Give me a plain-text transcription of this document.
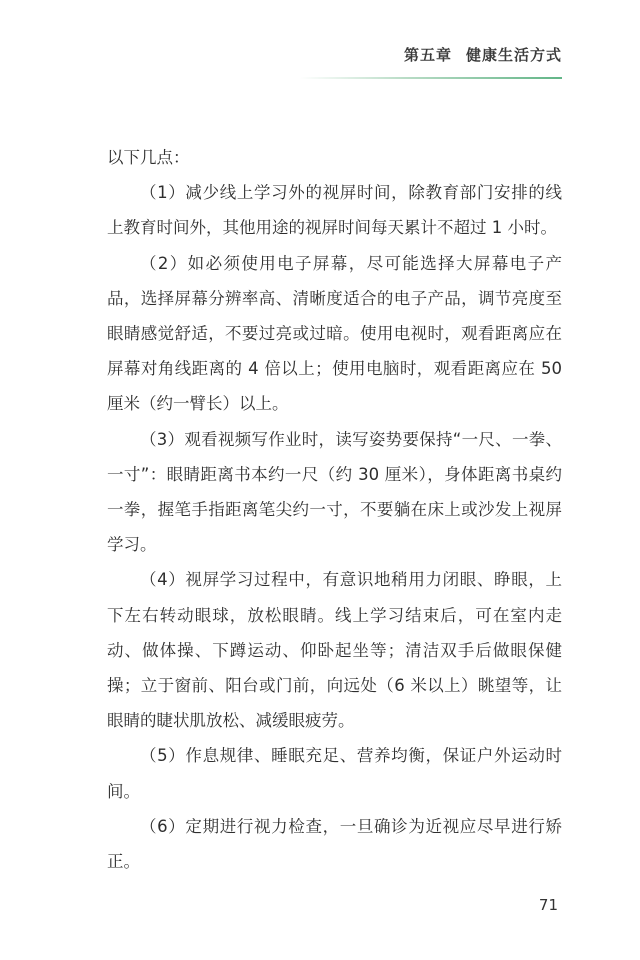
第五章 健康生活方式

以下几点：

（1）减少线上学习外的视屏时间，除教育部门安排的线上教育时间外，其他用途的视屏时间每天累计不超过 1 小时。

（2）如必须使用电子屏幕，尽可能选择大屏幕电子产品，选择屏幕分辨率高、清晰度适合的电子产品，调节亮度至眼睛感觉舒适，不要过亮或过暗。使用电视时，观看距离应在屏幕对角线距离的 4 倍以上；使用电脑时，观看距离应在 50 厘米（约一臂长）以上。

（3）观看视频写作业时，读写姿势要保持“一尺、一拳、一寸”：眼睛距离书本约一尺（约 30 厘米），身体距离书桌约一拳，握笔手指距离笔尖约一寸，不要躺在床上或沙发上视屏学习。

（4）视屏学习过程中，有意识地稍用力闭眼、睁眼，上下左右转动眼球，放松眼睛。线上学习结束后，可在室内走动、做体操、下蹲运动、仰卧起坐等；清洁双手后做眼保健操；立于窗前、阳台或门前，向远处（6 米以上）眺望等，让眼睛的睫状肌放松、减缓眼疲劳。

（5）作息规律、睡眠充足、营养均衡，保证户外运动时间。

（6）定期进行视力检查，一旦确诊为近视应尽早进行矫正。

71
